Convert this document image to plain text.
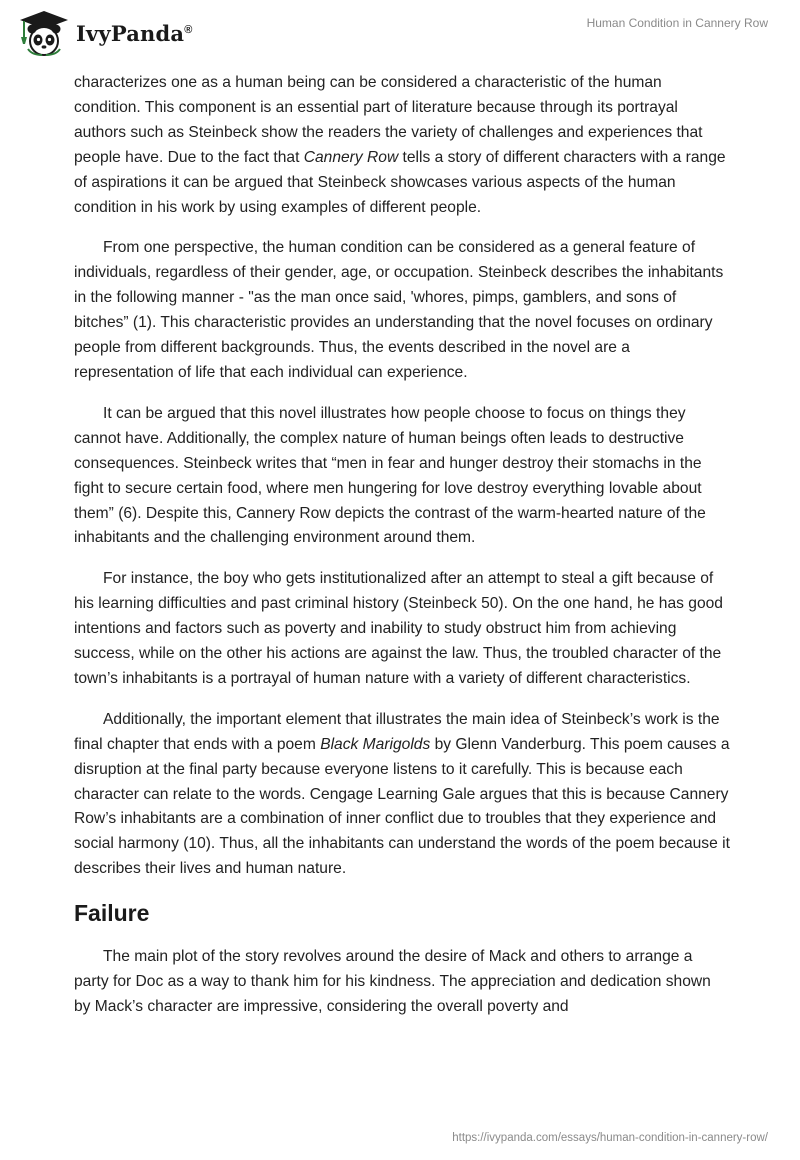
IvyPanda®	Human Condition in Cannery Row

characterizes one as a human being can be considered a characteristic of the human condition. This component is an essential part of literature because through its portrayal authors such as Steinbeck show the readers the variety of challenges and experiences that people have. Due to the fact that Cannery Row tells a story of different characters with a range of aspirations it can be argued that Steinbeck showcases various aspects of the human condition in his work by using examples of different people.

From one perspective, the human condition can be considered as a general feature of individuals, regardless of their gender, age, or occupation. Steinbeck describes the inhabitants in the following manner - "as the man once said, 'whores, pimps, gamblers, and sons of bitches” (1). This characteristic provides an understanding that the novel focuses on ordinary people from different backgrounds. Thus, the events described in the novel are a representation of life that each individual can experience.

It can be argued that this novel illustrates how people choose to focus on things they cannot have. Additionally, the complex nature of human beings often leads to destructive consequences. Steinbeck writes that “men in fear and hunger destroy their stomachs in the fight to secure certain food, where men hungering for love destroy everything lovable about them” (6). Despite this, Cannery Row depicts the contrast of the warm-hearted nature of the inhabitants and the challenging environment around them.

For instance, the boy who gets institutionalized after an attempt to steal a gift because of his learning difficulties and past criminal history (Steinbeck 50). On the one hand, he has good intentions and factors such as poverty and inability to study obstruct him from achieving success, while on the other his actions are against the law. Thus, the troubled character of the town’s inhabitants is a portrayal of human nature with a variety of different characteristics.

Additionally, the important element that illustrates the main idea of Steinbeck’s work is the final chapter that ends with a poem Black Marigolds by Glenn Vanderburg. This poem causes a disruption at the final party because everyone listens to it carefully. This is because each character can relate to the words. Cengage Learning Gale argues that this is because Cannery Row’s inhabitants are a combination of inner conflict due to troubles that they experience and social harmony (10). Thus, all the inhabitants can understand the words of the poem because it describes their lives and human nature.

Failure

The main plot of the story revolves around the desire of Mack and others to arrange a party for Doc as a way to thank him for his kindness. The appreciation and dedication shown by Mack’s character are impressive, considering the overall poverty and

https://ivypanda.com/essays/human-condition-in-cannery-row/
